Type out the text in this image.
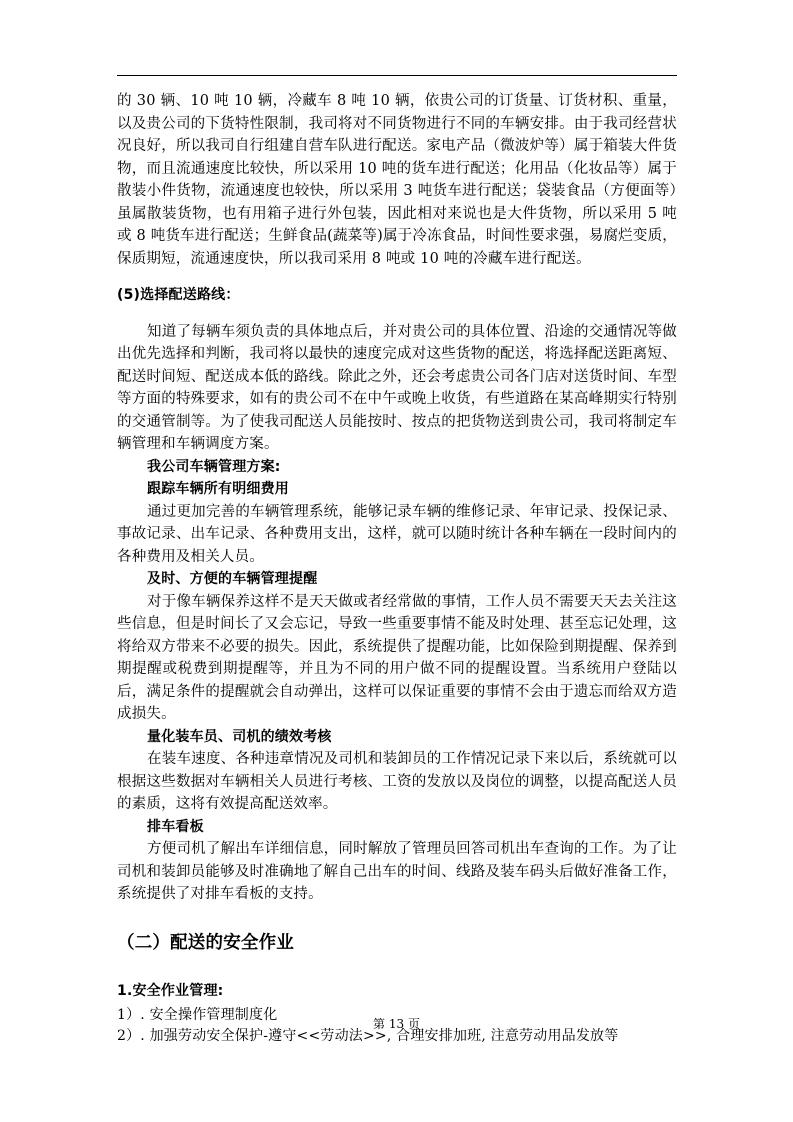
的 30 辆、10 吨 10 辆，冷藏车 8 吨 10 辆，依贵公司的订货量、订货材积、重量，以及贵公司的下货特性限制，我司将对不同货物进行不同的车辆安排。由于我司经营状况良好，所以我司自行组建自营车队进行配送。家电产品（微波炉等）属于箱装大件货物，而且流通速度比较快，所以采用 10 吨的货车进行配送；化用品（化妆品等）属于散装小件货物，流通速度也较快，所以采用 3 吨货车进行配送；袋装食品（方便面等）虽属散装货物，也有用箱子进行外包装，因此相对来说也是大件货物，所以采用 5 吨或 8 吨货车进行配送；生鲜食品(蔬菜等)属于冷冻食品，时间性要求强，易腐烂变质，保质期短，流通速度快，所以我司采用 8 吨或 10 吨的冷藏车进行配送。

(5)选择配送路线：

知道了每辆车须负责的具体地点后，并对贵公司的具体位置、沿途的交通情况等做出优先选择和判断，我司将以最快的速度完成对这些货物的配送，将选择配送距离短、配送时间短、配送成本低的路线。除此之外，还会考虑贵公司各门店对送货时间、车型等方面的特殊要求，如有的贵公司不在中午或晚上收货，有些道路在某高峰期实行特别的交通管制等。为了使我司配送人员能按时、按点的把货物送到贵公司，我司将制定车辆管理和车辆调度方案。

我公司车辆管理方案:

跟踪车辆所有明细费用

通过更加完善的车辆管理系统，能够记录车辆的维修记录、年审记录、投保记录、事故记录、出车记录、各种费用支出，这样，就可以随时统计各种车辆在一段时间内的各种费用及相关人员。

及时、方便的车辆管理提醒

对于像车辆保养这样不是天天做或者经常做的事情，工作人员不需要天天去关注这些信息，但是时间长了又会忘记，导致一些重要事情不能及时处理、甚至忘记处理，这将给双方带来不必要的损失。因此，系统提供了提醒功能，比如保险到期提醒、保养到期提醒或税费到期提醒等，并且为不同的用户做不同的提醒设置。当系统用户登陆以后，满足条件的提醒就会自动弹出，这样可以保证重要的事情不会由于遗忘而给双方造成损失。

量化装车员、司机的绩效考核

在装车速度、各种违章情况及司机和装卸员的工作情况记录下来以后，系统就可以根据这些数据对车辆相关人员进行考核、工资的发放以及岗位的调整，以提高配送人员的素质，这将有效提高配送效率。

排车看板

方便司机了解出车详细信息，同时解放了管理员回答司机出车查询的工作。为了让司机和装卸员能够及时准确地了解自己出车的时间、线路及装车码头后做好准备工作，系统提供了对排车看板的支持。

（二）配送的安全作业

1.安全作业管理:

1）. 安全操作管理制度化

2）. 加强劳动安全保护-遵守<<劳动法>>, 合理安排加班, 注意劳动用品发放等

第 13 页
